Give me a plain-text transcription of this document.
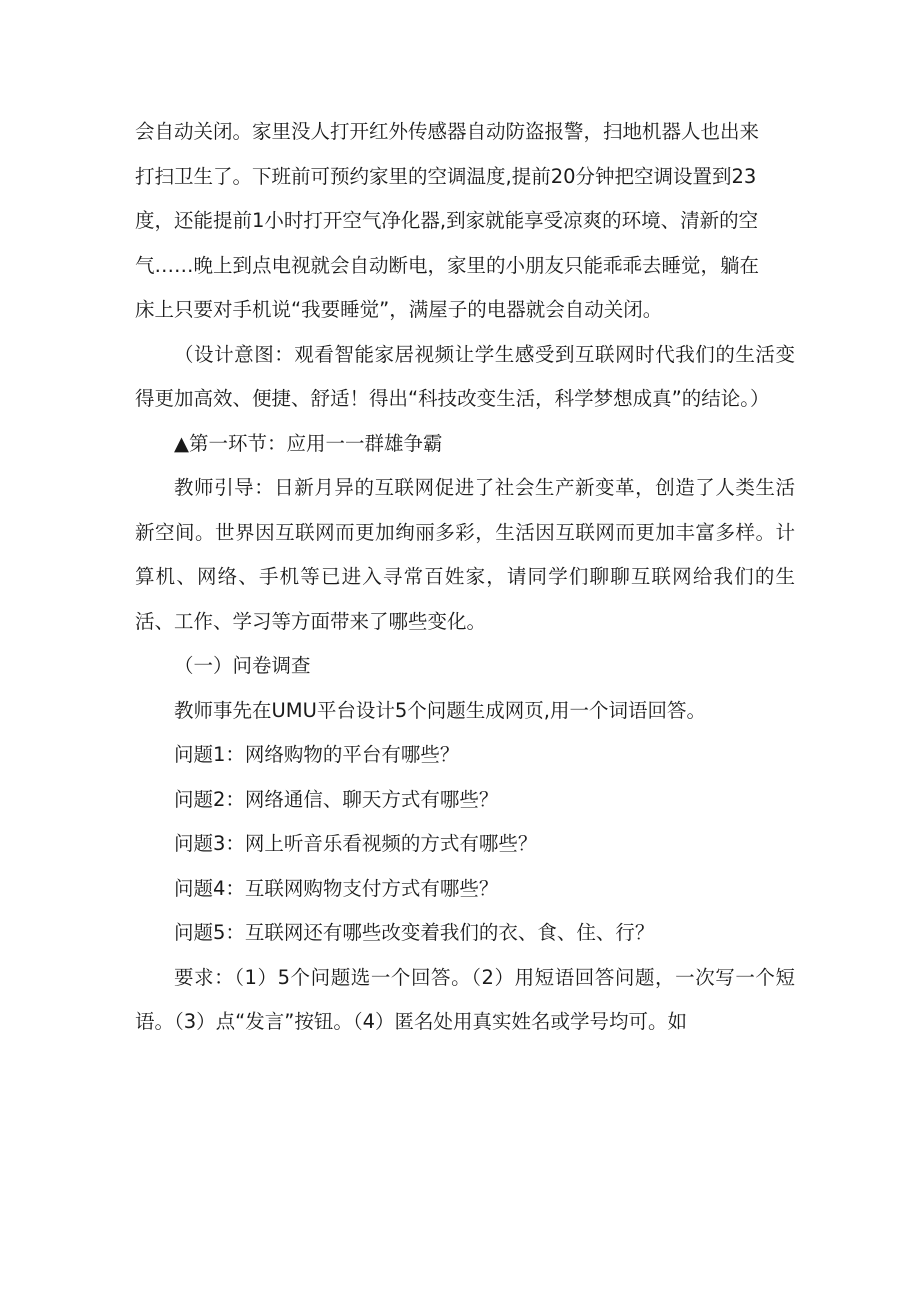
会自动关闭。家里没人打开红外传感器自动防盗报警，扫地机器人也出来

打扫卫生了。下班前可预约家里的空调温度,提前20分钟把空调设置到23

度，还能提前1小时打开空气净化器,到家就能享受凉爽的环境、清新的空

气……晚上到点电视就会自动断电，家里的小朋友只能乖乖去睡觉，躺在

床上只要对手机说“我要睡觉”，满屋子的电器就会自动关闭。

（设计意图：观看智能家居视频让学生感受到互联网时代我们的生活变得更加高效、便捷、舒适！得出“科技改变生活，科学梦想成真”的结论。）

▲第一环节：应用一一群雄争霸

教师引导：日新月异的互联网促进了社会生产新变革，创造了人类生活新空间。世界因互联网而更加绚丽多彩，生活因互联网而更加丰富多样。计算机、网络、手机等已进入寻常百姓家，请同学们聊聊互联网给我们的生活、工作、学习等方面带来了哪些变化。

（一）问卷调查

教师事先在UMU平台设计5个问题生成网页,用一个词语回答。

问题1：网络购物的平台有哪些？

问题2：网络通信、聊天方式有哪些？

问题3：网上听音乐看视频的方式有哪些？

问题4：互联网购物支付方式有哪些？

问题5：互联网还有哪些改变着我们的衣、食、住、行？

要求：（1）5个问题选一个回答。（2）用短语回答问题，一次写一个短语。（3）点“发言”按钮。（4）匿名处用真实姓名或学号均可。如
